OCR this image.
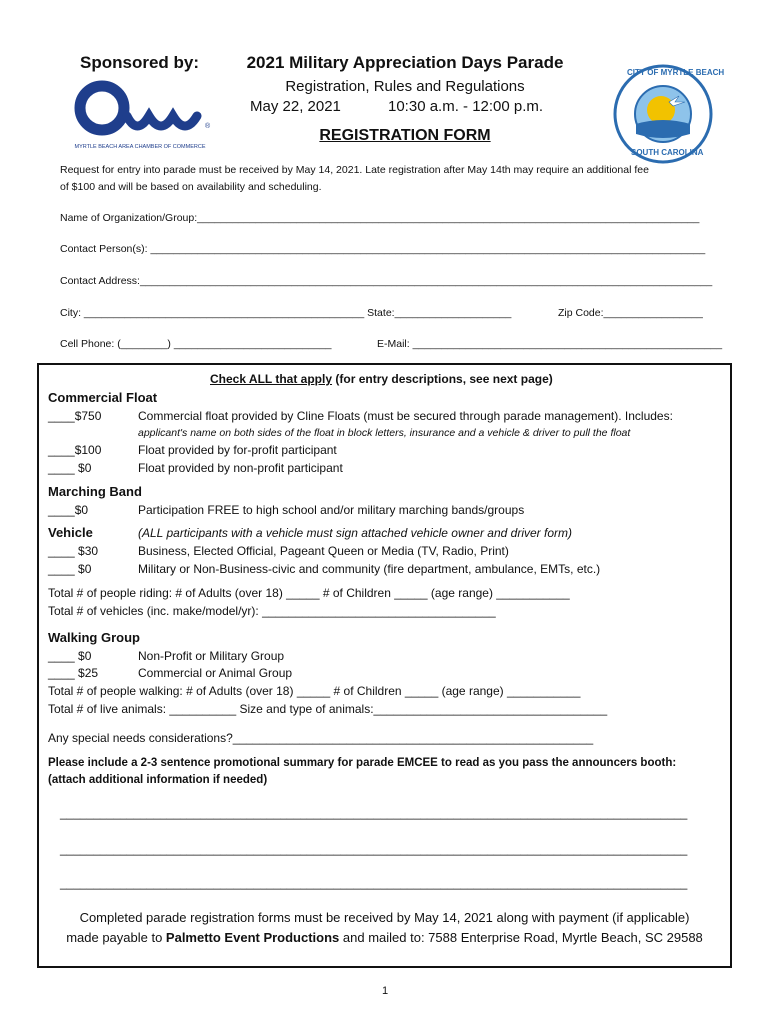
Sponsored by:	2021 Military Appreciation Days Parade
Registration, Rules and Regulations
May 22, 2021	10:30 a.m. - 12:00 p.m.
REGISTRATION FORM
®
MYRTLE BEACH AREA CHAMBER OF COMMERCE
CITY OF MYRTLE BEACH
SOUTH CAROLINA
Request for entry into parade must be received by May 14, 2021. Late registration after May 14th may require an additional fee
of $100 and will be based on availability and scheduling.
Name of Organization/Group:______________________________________________________________________________________
Contact Person(s): _______________________________________________________________________________________________
Contact Address:__________________________________________________________________________________________________
City: ________________________________________________ State:____________________	Zip Code:_________________
Cell Phone: (________) ___________________________	E-Mail: _____________________________________________________
Check ALL that apply (for entry descriptions, see next page)
Commercial Float
____$750	Commercial float provided by Cline Floats (must be secured through parade management). Includes:
applicant's name on both sides of the float in block letters, insurance and a vehicle & driver to pull the float
____$100	Float provided by for-profit participant
____ $0	Float provided by non-profit participant
Marching Band
____$0	Participation FREE to high school and/or military marching bands/groups
Vehicle	(ALL participants with a vehicle must sign attached vehicle owner and driver form)
____ $30	Business, Elected Official, Pageant Queen or Media (TV, Radio, Print)
____ $0	Military or Non-Business-civic and community (fire department, ambulance, EMTs, etc.)
Total # of people riding: # of Adults (over 18) _____ # of Children _____ (age range) ___________
Total # of vehicles (inc. make/model/yr): ___________________________________
Walking Group
____ $0	Non-Profit or Military Group
____ $25	Commercial or Animal Group
Total # of people walking: # of Adults (over 18) _____ # of Children _____ (age range) ___________
Total # of live animals: __________ Size and type of animals:___________________________________
Any special needs considerations?______________________________________________________
Please include a 2-3 sentence promotional summary for parade EMCEE to read as you pass the announcers booth:
(attach additional information if needed)
______________________________________________________________________________________________
______________________________________________________________________________________________
______________________________________________________________________________________________
Completed parade registration forms must be received by May 14, 2021 along with payment (if applicable)
made payable to Palmetto Event Productions and mailed to: 7588 Enterprise Road, Myrtle Beach, SC 29588
1
